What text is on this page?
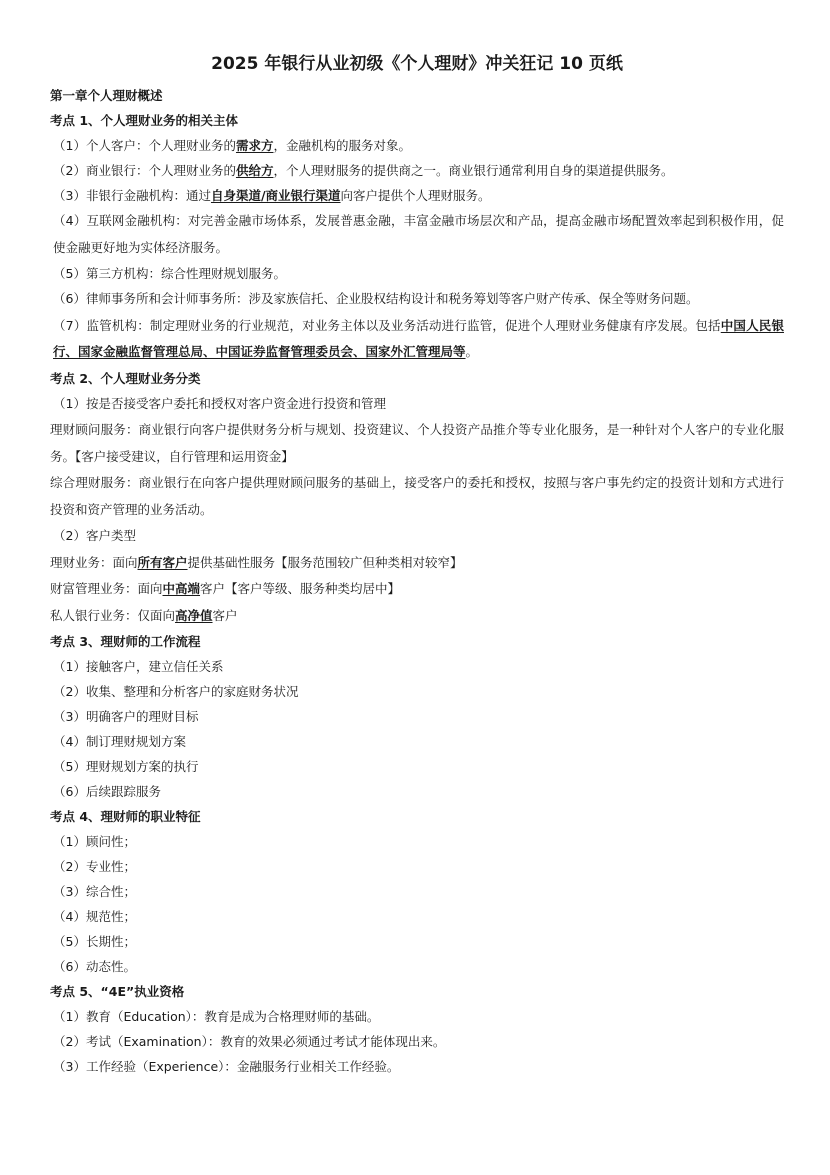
2025 年银行从业初级《个人理财》冲关狂记 10 页纸
第一章个人理财概述
考点 1、个人理财业务的相关主体
（1）个人客户：个人理财业务的需求方，金融机构的服务对象。
（2）商业银行：个人理财业务的供给方，个人理财服务的提供商之一。商业银行通常利用自身的渠道提供服务。
（3）非银行金融机构：通过自身渠道/商业银行渠道向客户提供个人理财服务。
（4）互联网金融机构：对完善金融市场体系，发展普惠金融，丰富金融市场层次和产品，提高金融市场配置效率起到积极作用，促使金融更好地为实体经济服务。
（5）第三方机构：综合性理财规划服务。
（6）律师事务所和会计师事务所：涉及家族信托、企业股权结构设计和税务筹划等客户财产传承、保全等财务问题。
（7）监管机构：制定理财业务的行业规范，对业务主体以及业务活动进行监管，促进个人理财业务健康有序发展。包括中国人民银行、国家金融监督管理总局、中国证券监督管理委员会、国家外汇管理局等。
考点 2、个人理财业务分类
（1）按是否接受客户委托和授权对客户资金进行投资和管理
理财顾问服务：商业银行向客户提供财务分析与规划、投资建议、个人投资产品推介等专业化服务，是一种针对个人客户的专业化服务。【客户接受建议，自行管理和运用资金】
综合理财服务：商业银行在向客户提供理财顾问服务的基础上，接受客户的委托和授权，按照与客户事先约定的投资计划和方式进行投资和资产管理的业务活动。
（2）客户类型
理财业务：面向所有客户提供基础性服务【服务范围较广但种类相对较窄】
财富管理业务：面向中高端客户【客户等级、服务种类均居中】
私人银行业务：仅面向高净值客户
考点 3、理财师的工作流程
（1）接触客户，建立信任关系
（2）收集、整理和分析客户的家庭财务状况
（3）明确客户的理财目标
（4）制订理财规划方案
（5）理财规划方案的执行
（6）后续跟踪服务
考点 4、理财师的职业特征
（1）顾问性；
（2）专业性；
（3）综合性；
（4）规范性；
（5）长期性；
（6）动态性。
考点 5、“4E”执业资格
（1）教育（Education）：教育是成为合格理财师的基础。
（2）考试（Examination）：教育的效果必须通过考试才能体现出来。
（3）工作经验（Experience）：金融服务行业相关工作经验。
